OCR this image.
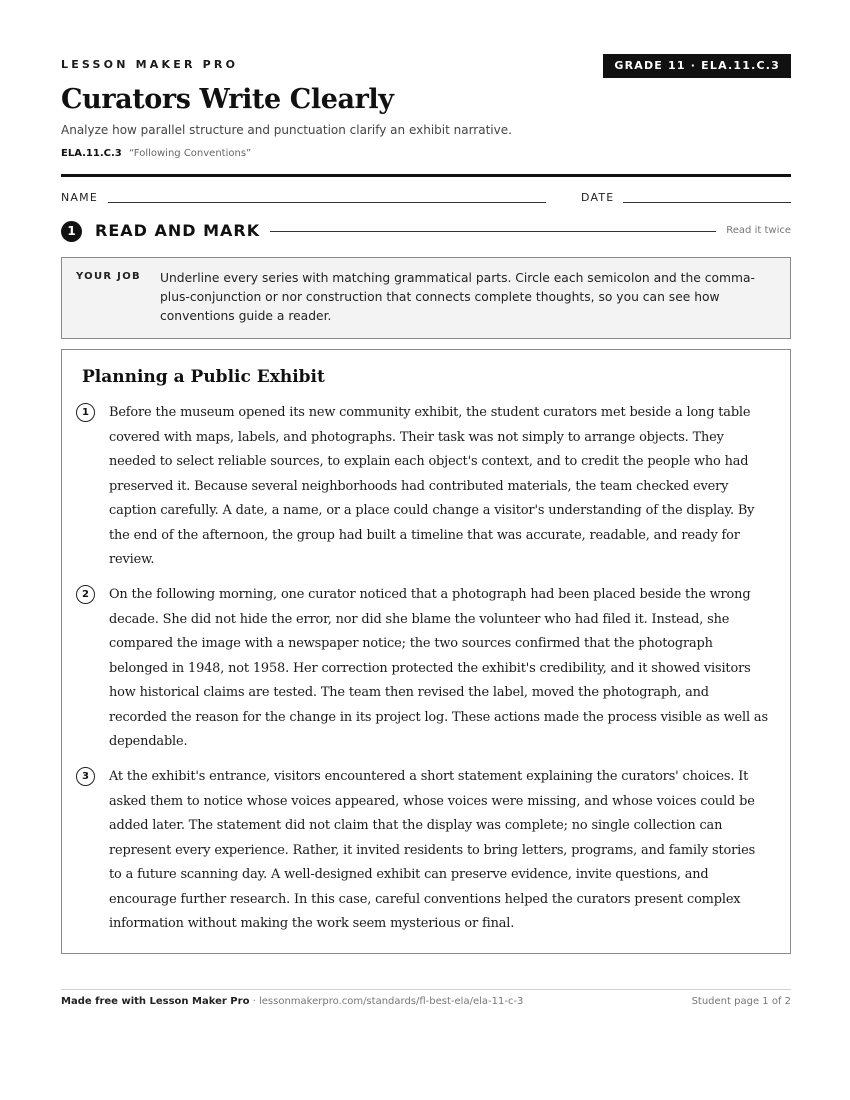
LESSON MAKER PRO	GRADE 11 · ELA.11.C.3
Curators Write Clearly
Analyze how parallel structure and punctuation clarify an exhibit narrative.
ELA.11.C.3 “Following Conventions”
NAME	DATE
1	READ AND MARK	Read it twice
YOUR JOB Underline every series with matching grammatical parts. Circle each semicolon and the comma-plus-conjunction or nor construction that connects complete thoughts, so you can see how conventions guide a reader.
Planning a Public Exhibit
1	Before the museum opened its new community exhibit, the student curators met beside a long table covered with maps, labels, and photographs. Their task was not simply to arrange objects. They needed to select reliable sources, to explain each object's context, and to credit the people who had preserved it. Because several neighborhoods had contributed materials, the team checked every caption carefully. A date, a name, or a place could change a visitor's understanding of the display. By the end of the afternoon, the group had built a timeline that was accurate, readable, and ready for review.
2	On the following morning, one curator noticed that a photograph had been placed beside the wrong decade. She did not hide the error, nor did she blame the volunteer who had filed it. Instead, she compared the image with a newspaper notice; the two sources confirmed that the photograph belonged in 1948, not 1958. Her correction protected the exhibit's credibility, and it showed visitors how historical claims are tested. The team then revised the label, moved the photograph, and recorded the reason for the change in its project log. These actions made the process visible as well as dependable.
3	At the exhibit's entrance, visitors encountered a short statement explaining the curators' choices. It asked them to notice whose voices appeared, whose voices were missing, and whose voices could be added later. The statement did not claim that the display was complete; no single collection can represent every experience. Rather, it invited residents to bring letters, programs, and family stories to a future scanning day. A well-designed exhibit can preserve evidence, invite questions, and encourage further research. In this case, careful conventions helped the curators present complex information without making the work seem mysterious or final.
Made free with Lesson Maker Pro · lessonmakerpro.com/standards/fl-best-ela/ela-11-c-3	Student page 1 of 2
